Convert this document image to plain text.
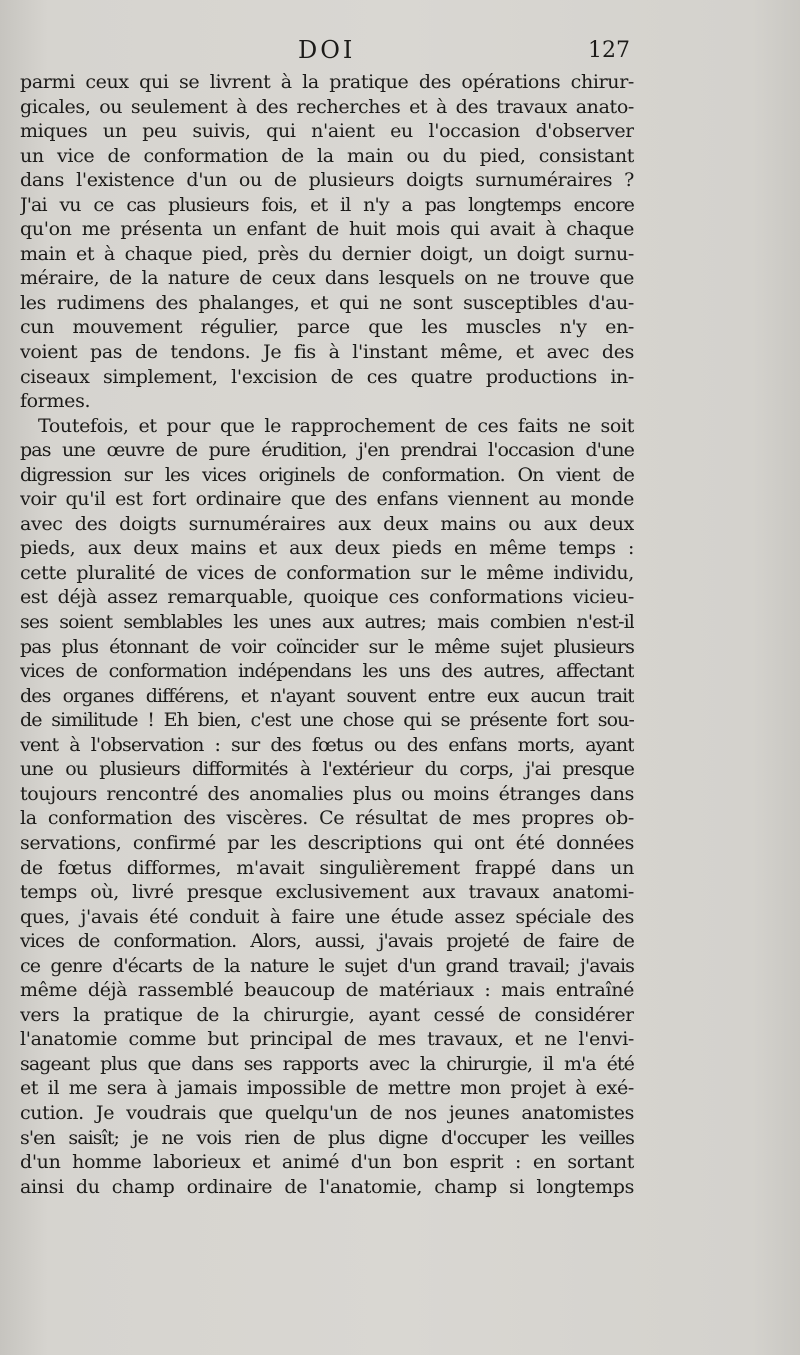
DOI	127
parmi ceux qui se livrent à la pratique des opérations chirur-
gicales, ou seulement à des recherches et à des travaux anato-
miques un peu suivis, qui n'aient eu l'occasion d'observer
un vice de conformation de la main ou du pied, consistant
dans l'existence d'un ou de plusieurs doigts surnuméraires ?
J'ai vu ce cas plusieurs fois, et il n'y a pas longtemps encore
qu'on me présenta un enfant de huit mois qui avait à chaque
main et à chaque pied, près du dernier doigt, un doigt surnu-
méraire, de la nature de ceux dans lesquels on ne trouve que
les rudimens des phalanges, et qui ne sont susceptibles d'au-
cun mouvement régulier, parce que les muscles n'y en-
voient pas de tendons. Je fis à l'instant même, et avec des
ciseaux simplement, l'excision de ces quatre productions in-
formes.
Toutefois, et pour que le rapprochement de ces faits ne soit
pas une œuvre de pure érudition, j'en prendrai l'occasion d'une
digression sur les vices originels de conformation. On vient de
voir qu'il est fort ordinaire que des enfans viennent au monde
avec des doigts surnuméraires aux deux mains ou aux deux
pieds, aux deux mains et aux deux pieds en même temps :
cette pluralité de vices de conformation sur le même individu,
est déjà assez remarquable, quoique ces conformations vicieu-
ses soient semblables les unes aux autres; mais combien n'est-il
pas plus étonnant de voir coïncider sur le même sujet plusieurs
vices de conformation indépendans les uns des autres, affectant
des organes différens, et n'ayant souvent entre eux aucun trait
de similitude ! Eh bien, c'est une chose qui se présente fort sou-
vent à l'observation : sur des fœtus ou des enfans morts, ayant
une ou plusieurs difformités à l'extérieur du corps, j'ai presque
toujours rencontré des anomalies plus ou moins étranges dans
la conformation des viscères. Ce résultat de mes propres ob-
servations, confirmé par les descriptions qui ont été données
de fœtus difformes, m'avait singulièrement frappé dans un
temps où, livré presque exclusivement aux travaux anatomi-
ques, j'avais été conduit à faire une étude assez spéciale des
vices de conformation. Alors, aussi, j'avais projeté de faire de
ce genre d'écarts de la nature le sujet d'un grand travail; j'avais
même déjà rassemblé beaucoup de matériaux : mais entraîné
vers la pratique de la chirurgie, ayant cessé de considérer
l'anatomie comme but principal de mes travaux, et ne l'envi-
sageant plus que dans ses rapports avec la chirurgie, il m'a été
et il me sera à jamais impossible de mettre mon projet à exé-
cution. Je voudrais que quelqu'un de nos jeunes anatomistes
s'en saisît; je ne vois rien de plus digne d'occuper les veilles
d'un homme laborieux et animé d'un bon esprit : en sortant
ainsi du champ ordinaire de l'anatomie, champ si longtemps
